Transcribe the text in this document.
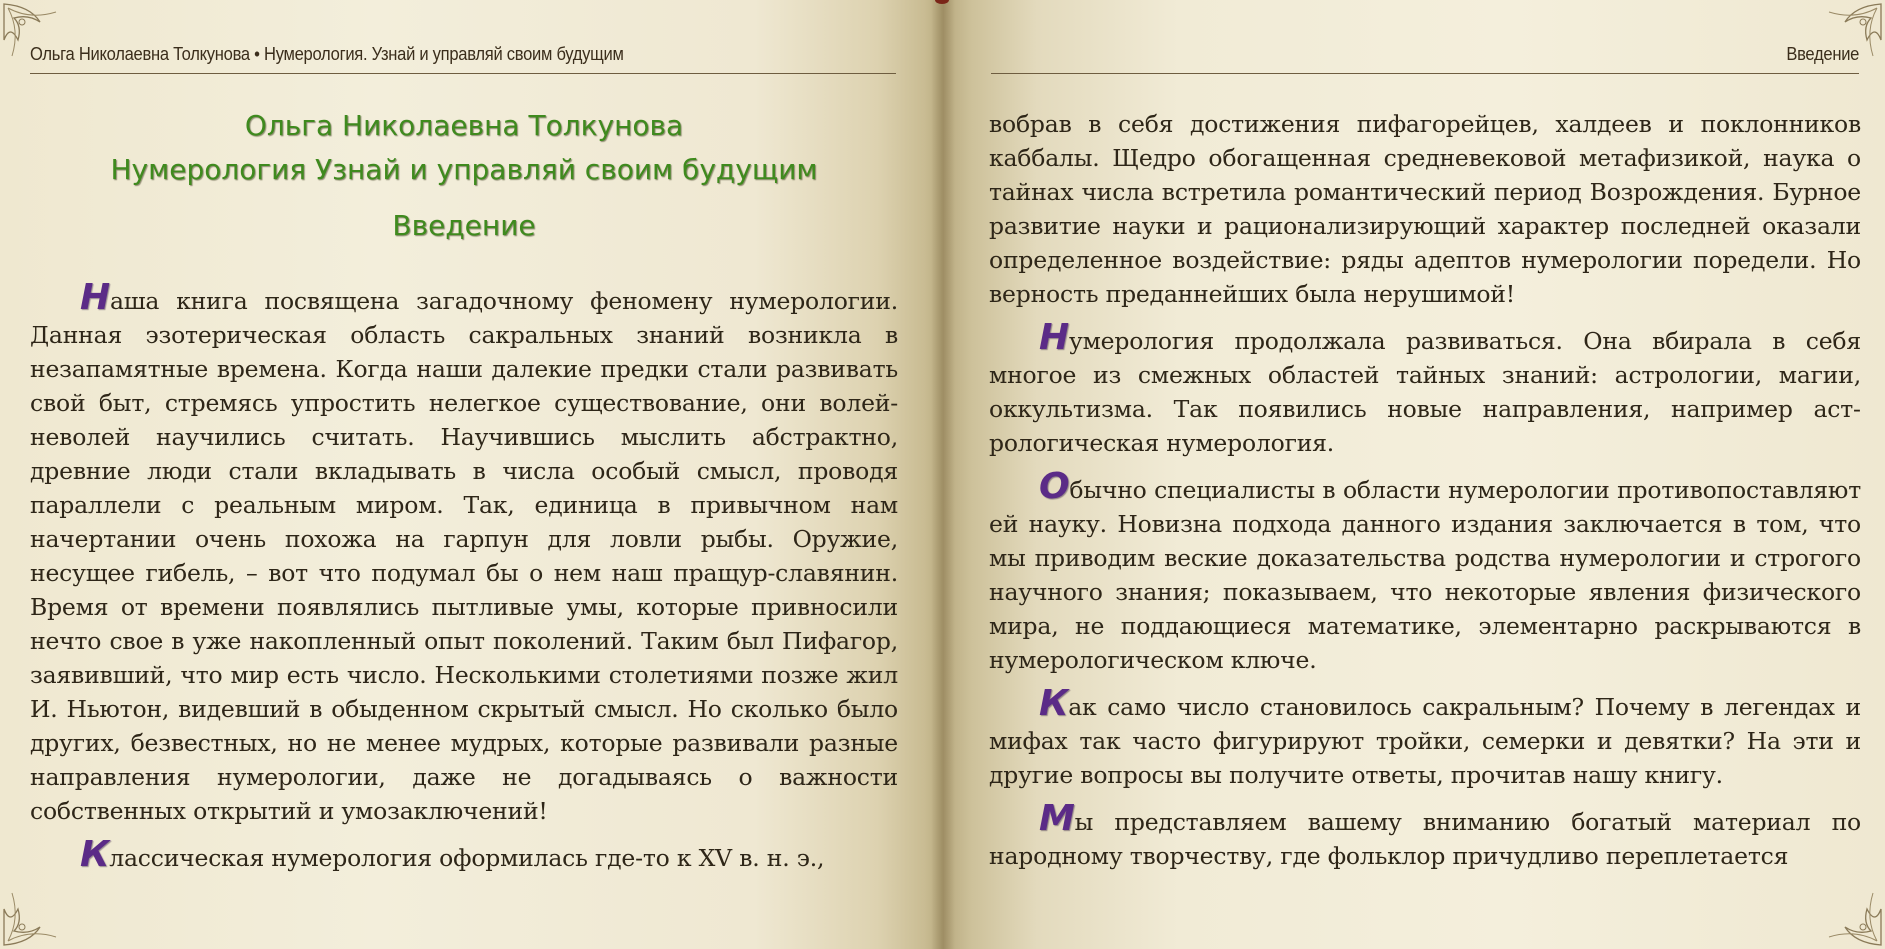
Ольга Николаевна Толкунова • Нумерология. Узнай и управляй своим будущим
Ольга Николаевна Толкунова
Нумерология Узнай и управляй своим будущим
Введение
Введение

Наша книга посвящена загадочному феномену нумерологии. Данная эзотерическая область сакральных знаний возникла в незапамятные времена. Когда наши далекие предки стали развивать свой быт, стремясь упростить нелегкое существование, они волей-неволей научились считать. Научившись мыслить абстрактно, древние люди стали вкладывать в числа особый смысл, проводя параллели с реальным миром. Так, единица в привычном нам начертании очень похожа на гарпун для ловли рыбы. Оружие, несущее гибель, – вот что подумал бы о нем наш пращур-славянин. Время от времени появлялись пытливые умы, которые привносили нечто свое в уже накопленный опыт поколений. Таким был Пифагор, заявивший, что мир есть число. Несколькими столетиями позже жил И. Ньютон, видевший в обыденном скрытый смысл. Но сколько было других, безвестных, но не менее мудрых, которые развивали разные направления нумерологии, даже не догадываясь о важности собственных открытий и умозаключений!

Классическая нумерология оформилась где-то к XV в. н. э.,

вобрав в себя достижения пифагорейцев, халдеев и поклонников каббалы. Щедро обогащенная средневековой метафизикой, наука о тайнах числа встретила романтический период Возрождения. Бурное развитие науки и рационализирующий характер последней оказали определенное воздействие: ряды адептов нумерологии поредели. Но верность преданнейших была нерушимой!

Нумерология продолжала развиваться. Она вбирала в себя многое из смежных областей тайных знаний: астрологии, магии, оккультизма. Так появились новые направления, например астрологическая нумерология.

Обычно специалисты в области нумерологии противопоставляют ей науку. Новизна подхода данного издания заключается в том, что мы приводим веские доказательства родства нумерологии и строгого научного знания; показываем, что некоторые явления физического мира, не поддающиеся математике, элементарно раскрываются в нумерологическом ключе.

Как само число становилось сакральным? Почему в легендах и мифах так часто фигурируют тройки, семерки и девятки? На эти и другие вопросы вы получите ответы, прочитав нашу книгу.

Мы представляем вашему вниманию богатый материал по народному творчеству, где фольклор причудливо переплетается
